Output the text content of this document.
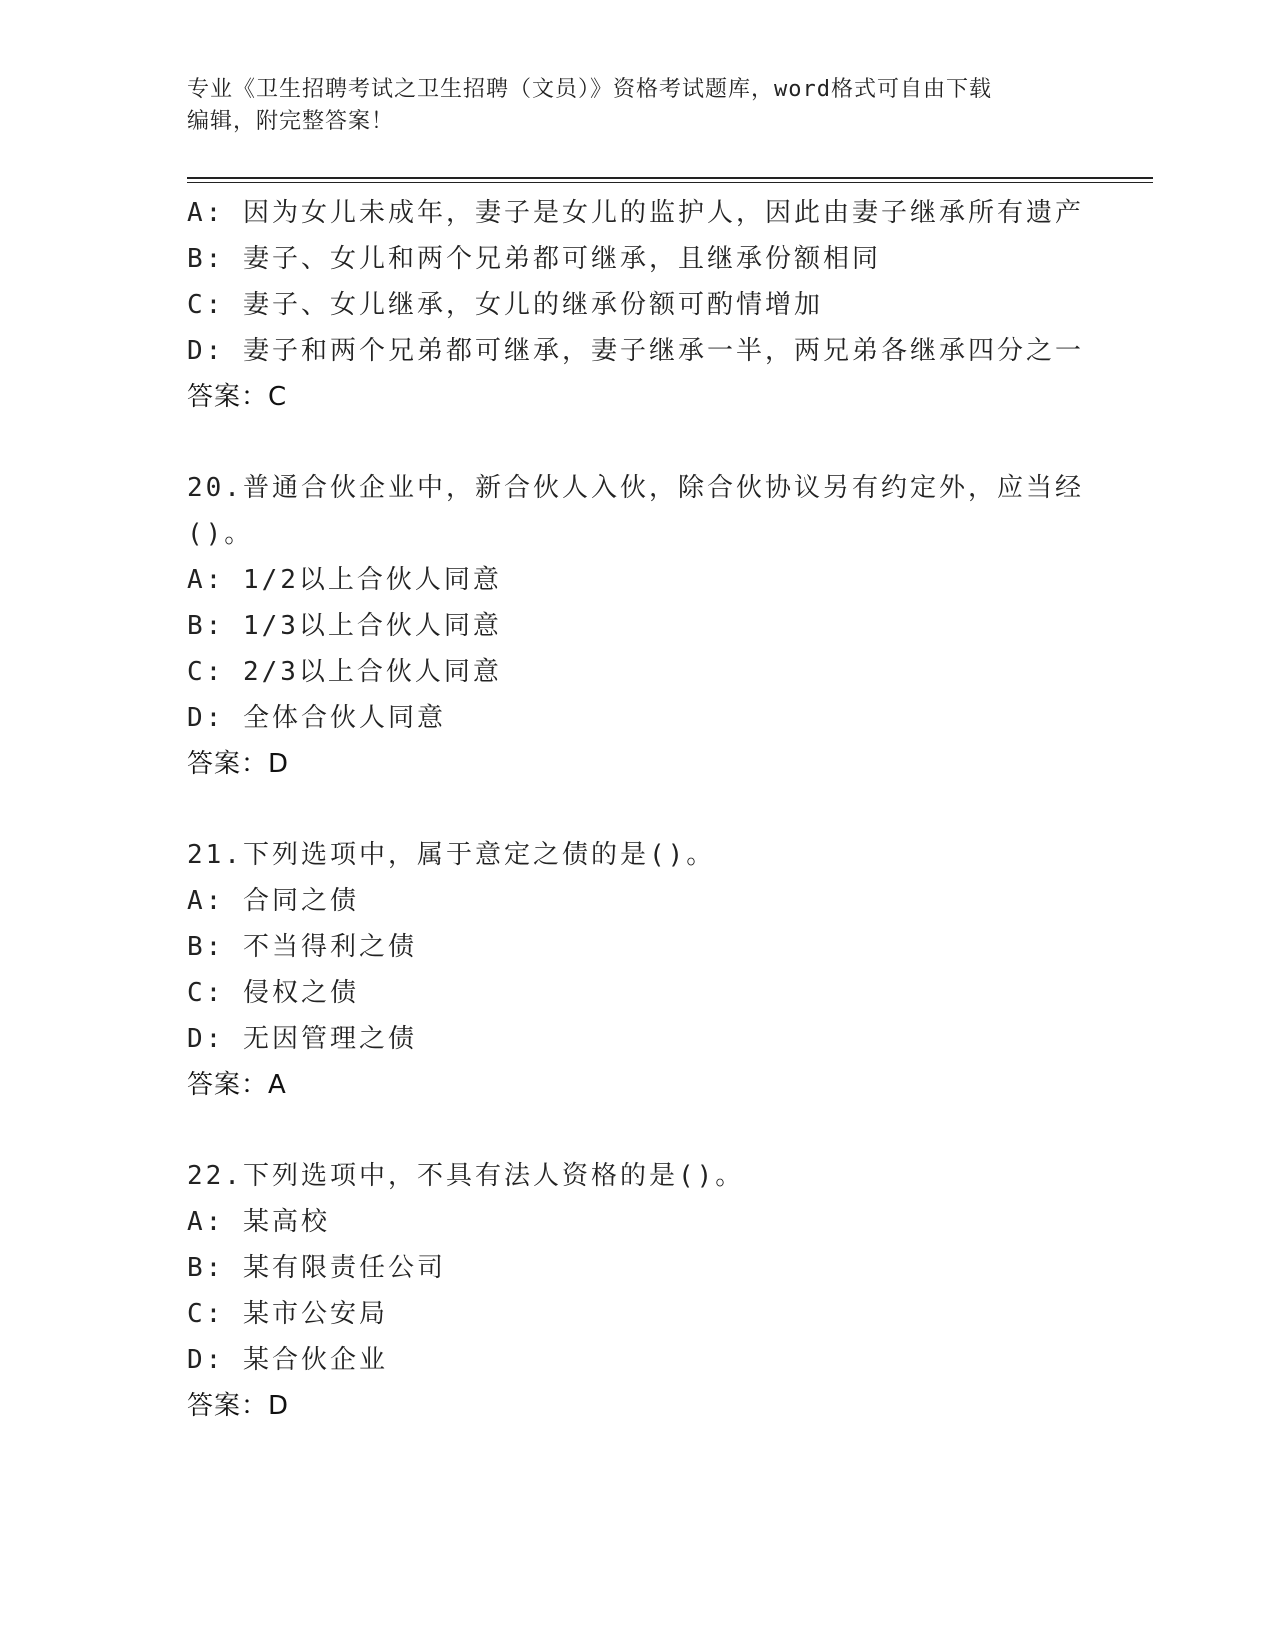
专业《卫生招聘考试之卫生招聘（文员）》资格考试题库，word格式可自由下载
编辑，附完整答案！
A: 因为女儿未成年，妻子是女儿的监护人，因此由妻子继承所有遗产
B: 妻子、女儿和两个兄弟都可继承，且继承份额相同
C: 妻子、女儿继承，女儿的继承份额可酌情增加
D: 妻子和两个兄弟都可继承，妻子继承一半，两兄弟各继承四分之一
答案：C
20.普通合伙企业中，新合伙人入伙，除合伙协议另有约定外，应当经
()。
A: 1/2以上合伙人同意
B: 1/3以上合伙人同意
C: 2/3以上合伙人同意
D: 全体合伙人同意
答案：D
21.下列选项中，属于意定之债的是()。
A: 合同之债
B: 不当得利之债
C: 侵权之债
D: 无因管理之债
答案：A
22.下列选项中，不具有法人资格的是()。
A: 某高校
B: 某有限责任公司
C: 某市公安局
D: 某合伙企业
答案：D
